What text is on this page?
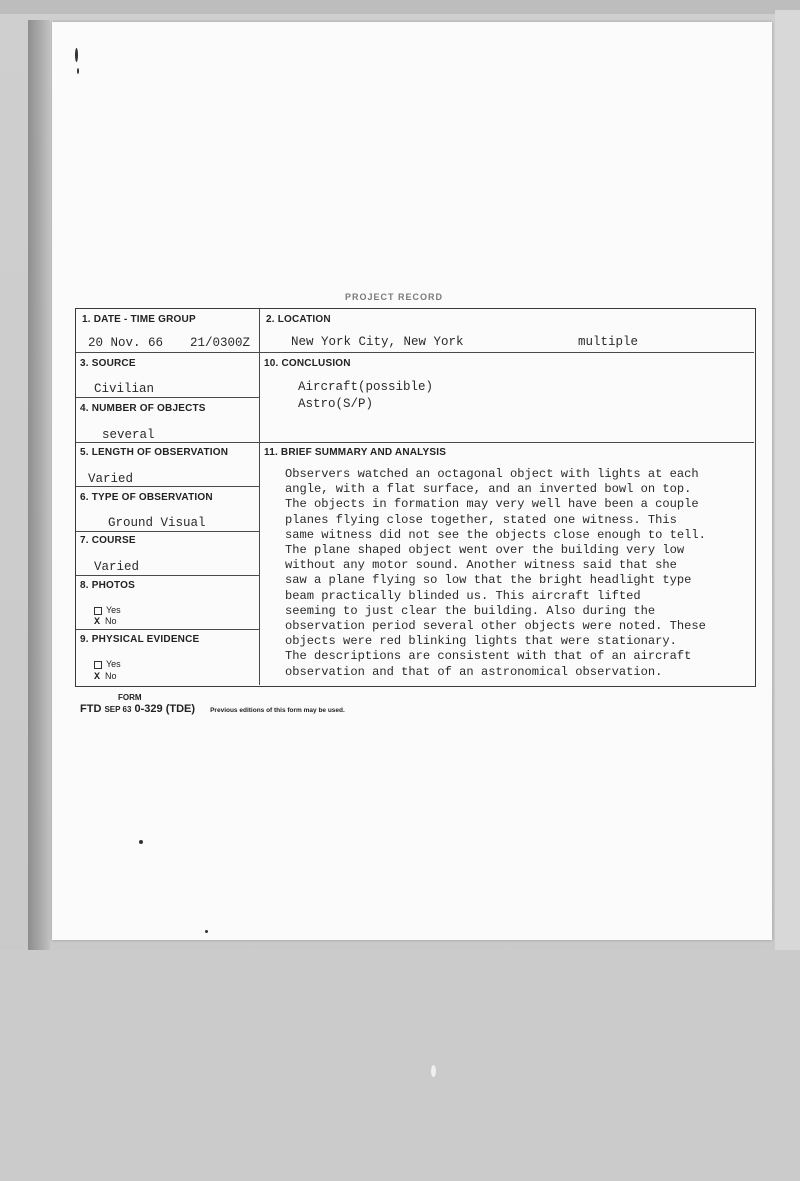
PROJECT RECORD
1. DATE - TIME GROUP
20 Nov. 66 21/0300Z
2. LOCATION
New York City, New York	multiple
3. SOURCE
Civilian
4. NUMBER OF OBJECTS
several
10. CONCLUSION
Aircraft(possible)
Astro(S/P)
5. LENGTH OF OBSERVATION
Varied
11. BRIEF SUMMARY AND ANALYSIS
Observers watched an octagonal object with lights at each
angle, with a flat surface, and an inverted bowl on top.
The objects in formation may very well have been a couple
planes flying close together, stated one witness. This
same witness did not see the objects close enough to tell.
The plane shaped object went over the building very low
without any motor sound. Another witness said that she
saw a plane flying so low that the bright headlight type
beam practically blinded us. This aircraft lifted
seeming to just clear the building. Also during the
observation period several other objects were noted. These
objects were red blinking lights that were stationary.
The descriptions are consistent with that of an aircraft
observation and that of an astronomical observation.
6. TYPE OF OBSERVATION
Ground Visual
7. COURSE
Varied
8. PHOTOS
Yes
X No
9. PHYSICAL EVIDENCE
Yes
X No
FORM
FTD SEP 63 0-329 (TDE) Previous editions of this form may be used.
